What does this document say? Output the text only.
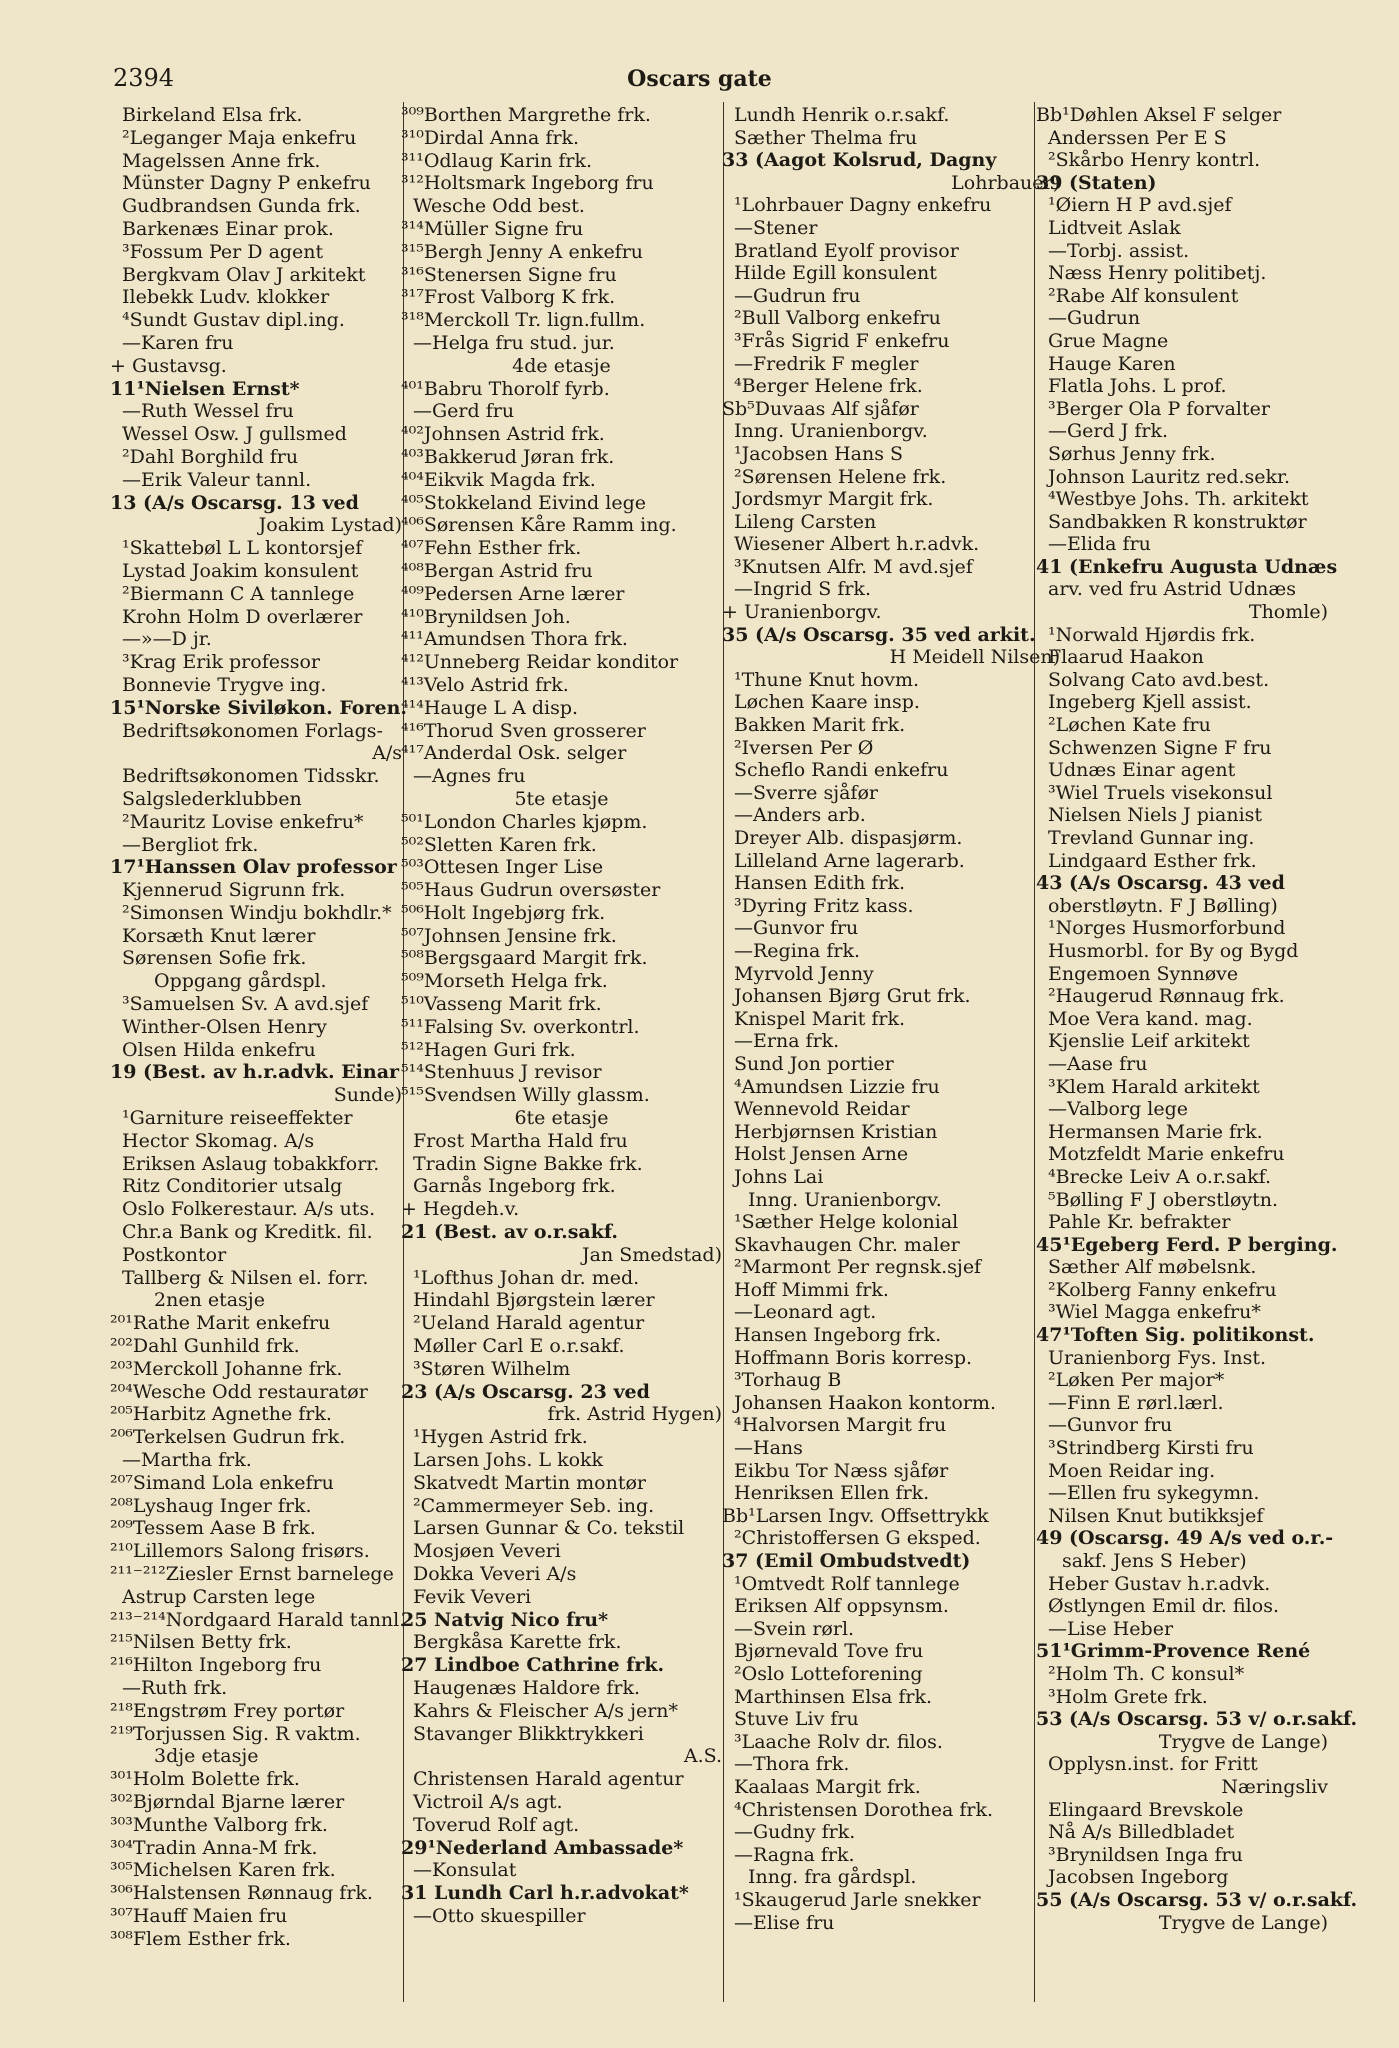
2394	Oscars gate
Birkeland Elsa frk.
²Leganger Maja enkefru
Magelssen Anne frk.
Münster Dagny P enkefru
Gudbrandsen Gunda frk.
Barkenæs Einar prok.
³Fossum Per D agent
Bergkvam Olav J arkitekt
Ilebekk Ludv. klokker
⁴Sundt Gustav dipl.ing.
—Karen fru
+ Gustavsg.
11¹Nielsen Ernst*
—Ruth Wessel fru
Wessel Osw. J gullsmed
²Dahl Borghild fru
—Erik Valeur tannl.
13 (A/s Oscarsg. 13 ved
Joakim Lystad)
¹Skattebøl L L kontorsjef
Lystad Joakim konsulent
²Biermann C A tannlege
Krohn Holm D overlærer
—»—D jr.
³Krag Erik professor
Bonnevie Trygve ing.
15¹Norske Siviløkon. Foren.
Bedriftsøkonomen Forlags-
A/s
Bedriftsøkonomen Tidsskr.
Salgslederklubben
²Mauritz Lovise enkefru*
—Bergliot frk.
17¹Hanssen Olav professor
Kjennerud Sigrunn frk.
²Simonsen Windju bokhdlr.*
Korsæth Knut lærer
Sørensen Sofie frk.
Oppgang gårdspl.
³Samuelsen Sv. A avd.sjef
Winther-Olsen Henry
Olsen Hilda enkefru
19 (Best. av h.r.advk. Einar
Sunde)
¹Garniture reiseeffekter
Hector Skomag. A/s
Eriksen Aslaug tobakkforr.
Ritz Conditorier utsalg
Oslo Folkerestaur. A/s uts.
Chr.a Bank og Kreditk. fil.
Postkontor
Tallberg & Nilsen el. forr.
2nen etasje
²⁰¹Rathe Marit enkefru
²⁰²Dahl Gunhild frk.
²⁰³Merckoll Johanne frk.
²⁰⁴Wesche Odd restauratør
²⁰⁵Harbitz Agnethe frk.
²⁰⁶Terkelsen Gudrun frk.
—Martha frk.
²⁰⁷Simand Lola enkefru
²⁰⁸Lyshaug Inger frk.
²⁰⁹Tessem Aase B frk.
²¹⁰Lillemors Salong frisørs.
²¹¹⁻²¹²Ziesler Ernst barnelege
Astrup Carsten lege
²¹³⁻²¹⁴Nordgaard Harald tannl.
²¹⁵Nilsen Betty frk.
²¹⁶Hilton Ingeborg fru
—Ruth frk.
²¹⁸Engstrøm Frey portør
²¹⁹Torjussen Sig. R vaktm.
3dje etasje
³⁰¹Holm Bolette frk.
³⁰²Bjørndal Bjarne lærer
³⁰³Munthe Valborg frk.
³⁰⁴Tradin Anna-M frk.
³⁰⁵Michelsen Karen frk.
³⁰⁶Halstensen Rønnaug frk.
³⁰⁷Hauff Maien fru
³⁰⁸Flem Esther frk.
³⁰⁹Borthen Margrethe frk.
³¹⁰Dirdal Anna frk.
³¹¹Odlaug Karin frk.
³¹²Holtsmark Ingeborg fru
Wesche Odd best.
³¹⁴Müller Signe fru
³¹⁵Bergh Jenny A enkefru
³¹⁶Stenersen Signe fru
³¹⁷Frost Valborg K frk.
³¹⁸Merckoll Tr. lign.fullm.
—Helga fru stud. jur.
4de etasje
⁴⁰¹Babru Thorolf fyrb.
—Gerd fru
⁴⁰²Johnsen Astrid frk.
⁴⁰³Bakkerud Jøran frk.
⁴⁰⁴Eikvik Magda frk.
⁴⁰⁵Stokkeland Eivind lege
⁴⁰⁶Sørensen Kåre Ramm ing.
⁴⁰⁷Fehn Esther frk.
⁴⁰⁸Bergan Astrid fru
⁴⁰⁹Pedersen Arne lærer
⁴¹⁰Brynildsen Joh.
⁴¹¹Amundsen Thora frk.
⁴¹²Unneberg Reidar konditor
⁴¹³Velo Astrid frk.
⁴¹⁴Hauge L A disp.
⁴¹⁶Thorud Sven grosserer
⁴¹⁷Anderdal Osk. selger
—Agnes fru
5te etasje
⁵⁰¹London Charles kjøpm.
⁵⁰²Sletten Karen frk.
⁵⁰³Ottesen Inger Lise
⁵⁰⁵Haus Gudrun oversøster
⁵⁰⁶Holt Ingebjørg frk.
⁵⁰⁷Johnsen Jensine frk.
⁵⁰⁸Bergsgaard Margit frk.
⁵⁰⁹Morseth Helga frk.
⁵¹⁰Vasseng Marit frk.
⁵¹¹Falsing Sv. overkontrl.
⁵¹²Hagen Guri frk.
⁵¹⁴Stenhuus J revisor
⁵¹⁵Svendsen Willy glassm.
6te etasje
Frost Martha Hald fru
Tradin Signe Bakke frk.
Garnås Ingeborg frk.
+ Hegdeh.v.
21 (Best. av o.r.sakf.
Jan Smedstad)
¹Lofthus Johan dr. med.
Hindahl Bjørgstein lærer
²Ueland Harald agentur
Møller Carl E o.r.sakf.
³Støren Wilhelm
23 (A/s Oscarsg. 23 ved
frk. Astrid Hygen)
¹Hygen Astrid frk.
Larsen Johs. L kokk
Skatvedt Martin montør
²Cammermeyer Seb. ing.
Larsen Gunnar & Co. tekstil
Mosjøen Veveri
Dokka Veveri A/s
Fevik Veveri
25 Natvig Nico fru*
Bergkåsa Karette frk.
27 Lindboe Cathrine frk.
Haugenæs Haldore frk.
Kahrs & Fleischer A/s jern*
Stavanger Blikktrykkeri
A.S.
Christensen Harald agentur
Victroil A/s agt.
Toverud Rolf agt.
29¹Nederland Ambassade*
—Konsulat
31 Lundh Carl h.r.advokat*
—Otto skuespiller
Lundh Henrik o.r.sakf.
Sæther Thelma fru
33 (Aagot Kolsrud, Dagny
Lohrbauer)
¹Lohrbauer Dagny enkefru
—Stener
Bratland Eyolf provisor
Hilde Egill konsulent
—Gudrun fru
²Bull Valborg enkefru
³Frås Sigrid F enkefru
—Fredrik F megler
⁴Berger Helene frk.
Sb⁵Duvaas Alf sjåfør
Inng. Uranienborgv.
¹Jacobsen Hans S
²Sørensen Helene frk.
Jordsmyr Margit frk.
Lileng Carsten
Wiesener Albert h.r.advk.
³Knutsen Alfr. M avd.sjef
—Ingrid S frk.
+ Uranienborgv.
35 (A/s Oscarsg. 35 ved arkit.
H Meidell Nilsen)
¹Thune Knut hovm.
Løchen Kaare insp.
Bakken Marit frk.
²Iversen Per Ø
Scheflo Randi enkefru
—Sverre sjåfør
—Anders arb.
Dreyer Alb. dispasjørm.
Lilleland Arne lagerarb.
Hansen Edith frk.
³Dyring Fritz kass.
—Gunvor fru
—Regina frk.
Myrvold Jenny
Johansen Bjørg Grut frk.
Knispel Marit frk.
—Erna frk.
Sund Jon portier
⁴Amundsen Lizzie fru
Wennevold Reidar
Herbjørnsen Kristian
Holst Jensen Arne
Johns Lai
Inng. Uranienborgv.
¹Sæther Helge kolonial
Skavhaugen Chr. maler
²Marmont Per regnsk.sjef
Hoff Mimmi frk.
—Leonard agt.
Hansen Ingeborg frk.
Hoffmann Boris korresp.
³Torhaug B
Johansen Haakon kontorm.
⁴Halvorsen Margit fru
—Hans
Eikbu Tor Næss sjåfør
Henriksen Ellen frk.
Bb¹Larsen Ingv. Offsettrykk
²Christoffersen G eksped.
37 (Emil Ombudstvedt)
¹Omtvedt Rolf tannlege
Eriksen Alf oppsynsm.
—Svein rørl.
Bjørnevald Tove fru
²Oslo Lotteforening
Marthinsen Elsa frk.
Stuve Liv fru
³Laache Rolv dr. filos.
—Thora frk.
Kaalaas Margit frk.
⁴Christensen Dorothea frk.
—Gudny frk.
—Ragna frk.
Inng. fra gårdspl.
¹Skaugerud Jarle snekker
—Elise fru
Bb¹Døhlen Aksel F selger
Anderssen Per E S
²Skårbo Henry kontrl.
39 (Staten)
¹Øiern H P avd.sjef
Lidtveit Aslak
—Torbj. assist.
Næss Henry politibetj.
²Rabe Alf konsulent
—Gudrun
Grue Magne
Hauge Karen
Flatla Johs. L prof.
³Berger Ola P forvalter
—Gerd J frk.
Sørhus Jenny frk.
Johnson Lauritz red.sekr.
⁴Westbye Johs. Th. arkitekt
Sandbakken R konstruktør
—Elida fru
41 (Enkefru Augusta Udnæs
arv. ved fru Astrid Udnæs
Thomle)
¹Norwald Hjørdis frk.
Flaarud Haakon
Solvang Cato avd.best.
Ingeberg Kjell assist.
²Løchen Kate fru
Schwenzen Signe F fru
Udnæs Einar agent
³Wiel Truels visekonsul
Nielsen Niels J pianist
Trevland Gunnar ing.
Lindgaard Esther frk.
43 (A/s Oscarsg. 43 ved
oberstløytn. F J Bølling)
¹Norges Husmorforbund
Husmorbl. for By og Bygd
Engemoen Synnøve
²Haugerud Rønnaug frk.
Moe Vera kand. mag.
Kjenslie Leif arkitekt
—Aase fru
³Klem Harald arkitekt
—Valborg lege
Hermansen Marie frk.
Motzfeldt Marie enkefru
⁴Brecke Leiv A o.r.sakf.
⁵Bølling F J oberstløytn.
Pahle Kr. befrakter
45¹Egeberg Ferd. P berging.
Sæther Alf møbelsnk.
²Kolberg Fanny enkefru
³Wiel Magga enkefru*
47¹Toften Sig. politikonst.
Uranienborg Fys. Inst.
²Løken Per major*
—Finn E rørl.lærl.
—Gunvor fru
³Strindberg Kirsti fru
Moen Reidar ing.
—Ellen fru sykegymn.
Nilsen Knut butikksjef
49 (Oscarsg. 49 A/s ved o.r.-
sakf. Jens S Heber)
Heber Gustav h.r.advk.
Østlyngen Emil dr. filos.
—Lise Heber
51¹Grimm-Provence René
²Holm Th. C konsul*
³Holm Grete frk.
53 (A/s Oscarsg. 53 v/ o.r.sakf.
Trygve de Lange)
Opplysn.inst. for Fritt
Næringsliv
Elingaard Brevskole
Nå A/s Billedbladet
³Brynildsen Inga fru
Jacobsen Ingeborg
55 (A/s Oscarsg. 53 v/ o.r.sakf.
Trygve de Lange)
